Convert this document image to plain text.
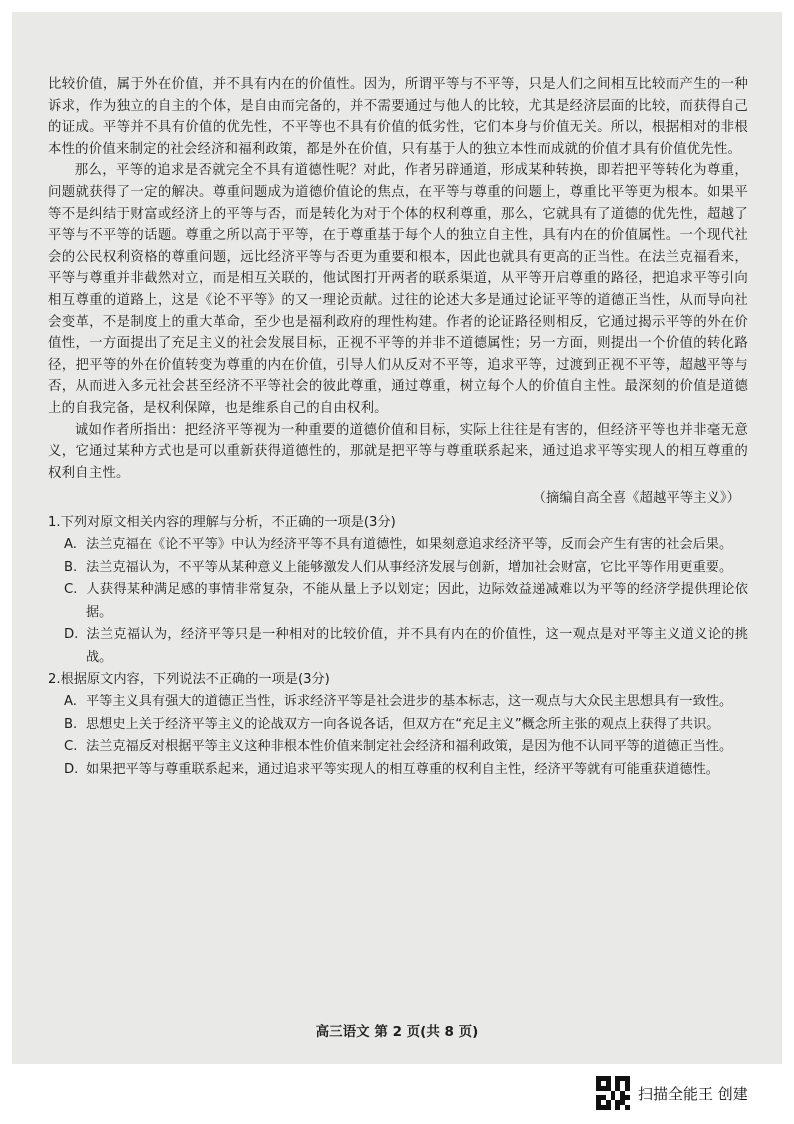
比较价值，属于外在价值，并不具有内在的价值性。因为，所谓平等与不平等，只是人们之间相互比较而产生的一种诉求，作为独立的自主的个体，是自由而完备的，并不需要通过与他人的比较，尤其是经济层面的比较，而获得自己的证成。平等并不具有价值的优先性，不平等也不具有价值的低劣性，它们本身与价值无关。所以，根据相对的非根本性的价值来制定的社会经济和福利政策，都是外在价值，只有基于人的独立本性而成就的价值才具有价值优先性。

那么，平等的追求是否就完全不具有道德性呢？对此，作者另辟通道，形成某种转换，即若把平等转化为尊重，问题就获得了一定的解决。尊重问题成为道德价值论的焦点，在平等与尊重的问题上，尊重比平等更为根本。如果平等不是纠结于财富或经济上的平等与否，而是转化为对于个体的权利尊重，那么，它就具有了道德的优先性，超越了平等与不平等的话题。尊重之所以高于平等，在于尊重基于每个人的独立自主性，具有内在的价值属性。一个现代社会的公民权利资格的尊重问题，远比经济平等与否更为重要和根本，因此也就具有更高的正当性。在法兰克福看来，平等与尊重并非截然对立，而是相互关联的，他试图打开两者的联系渠道，从平等开启尊重的路径，把追求平等引向相互尊重的道路上，这是《论不平等》的又一理论贡献。过往的论述大多是通过论证平等的道德正当性，从而导向社会变革，不是制度上的重大革命，至少也是福利政府的理性构建。作者的论证路径则相反，它通过揭示平等的外在价值性，一方面提出了充足主义的社会发展目标，正视不平等的并非不道德属性；另一方面，则提出一个价值的转化路径，把平等的外在价值转变为尊重的内在价值，引导人们从反对不平等，追求平等，过渡到正视不平等，超越平等与否，从而进入多元社会甚至经济不平等社会的彼此尊重，通过尊重，树立每个人的价值自主性。最深刻的价值是道德上的自我完备，是权利保障，也是维系自己的自由权利。

诚如作者所指出：把经济平等视为一种重要的道德价值和目标，实际上往往是有害的，但经济平等也并非毫无意义，它通过某种方式也是可以重新获得道德性的，那就是把平等与尊重联系起来，通过追求平等实现人的相互尊重的权利自主性。

（摘编自高全喜《超越平等主义》）

1.下列对原文相关内容的理解与分析，不正确的一项是(3分)

A. 法兰克福在《论不平等》中认为经济平等不具有道德性，如果刻意追求经济平等，反而会产生有害的社会后果。

B. 法兰克福认为，不平等从某种意义上能够激发人们从事经济发展与创新，增加社会财富，它比平等作用更重要。

C. 人获得某种满足感的事情非常复杂，不能从量上予以划定；因此，边际效益递减难以为平等的经济学提供理论依据。

D. 法兰克福认为，经济平等只是一种相对的比较价值，并不具有内在的价值性，这一观点是对平等主义道义论的挑战。

2.根据原文内容，下列说法不正确的一项是(3分)

A. 平等主义具有强大的道德正当性，诉求经济平等是社会进步的基本标志，这一观点与大众民主思想具有一致性。

B. 思想史上关于经济平等主义的论战双方一向各说各话，但双方在“充足主义”概念所主张的观点上获得了共识。

C. 法兰克福反对根据平等主义这种非根本性价值来制定社会经济和福利政策，是因为他不认同平等的道德正当性。

D. 如果把平等与尊重联系起来，通过追求平等实现人的相互尊重的权利自主性，经济平等就有可能重获道德性。

高三语文 第 2 页(共 8 页)
扫描全能王 创建
